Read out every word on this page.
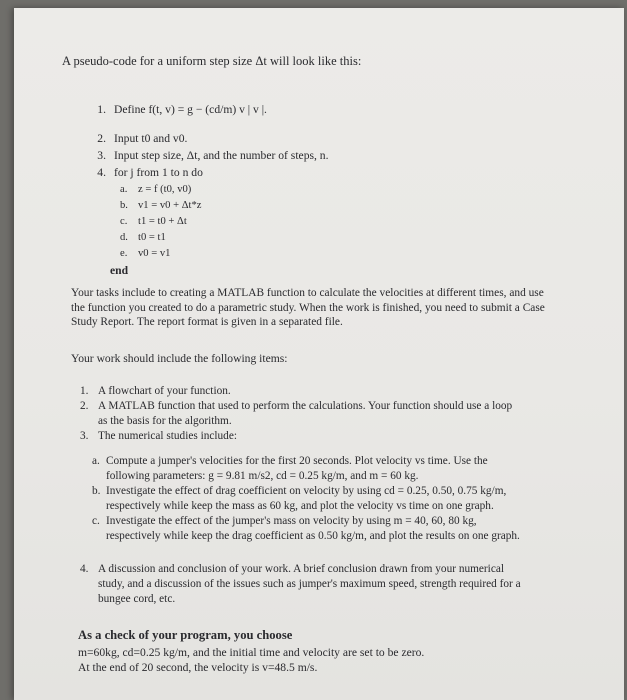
A pseudo-code for a uniform step size Δt will look like this:
1. Define f(t, v) = g − (cd/m) v | v |.
2. Input t0 and v0.
3. Input step size, Δt, and the number of steps, n.
4. for j from 1 to n do
a. z = f (t0, v0)
b. v1 = v0 + Δt*z
c. t1 = t0 + Δt
d. t0 = t1
e. v0 = v1
end
Your tasks include to creating a MATLAB function to calculate the velocities at different times, and use the function you created to do a parametric study. When the work is finished, you need to submit a Case Study Report. The report format is given in a separated file.
Your work should include the following items:
1. A flowchart of your function.
2. A MATLAB function that used to perform the calculations. Your function should use a loop
as the basis for the algorithm.
3. The numerical studies include:
a. Compute a jumper's velocities for the first 20 seconds. Plot velocity vs time. Use the
following parameters: g = 9.81 m/s2, cd = 0.25 kg/m, and m = 60 kg.
b. Investigate the effect of drag coefficient on velocity by using cd = 0.25, 0.50, 0.75 kg/m,
respectively while keep the mass as 60 kg, and plot the velocity vs time on one graph.
c. Investigate the effect of the jumper's mass on velocity by using m = 40, 60, 80 kg,
respectively while keep the drag coefficient as 0.50 kg/m, and plot the results on one graph.
4. A discussion and conclusion of your work. A brief conclusion drawn from your numerical
study, and a discussion of the issues such as jumper's maximum speed, strength required for a
bungee cord, etc.
As a check of your program, you choose
m=60kg, cd=0.25 kg/m, and the initial time and velocity are set to be zero.
At the end of 20 second, the velocity is v=48.5 m/s.
